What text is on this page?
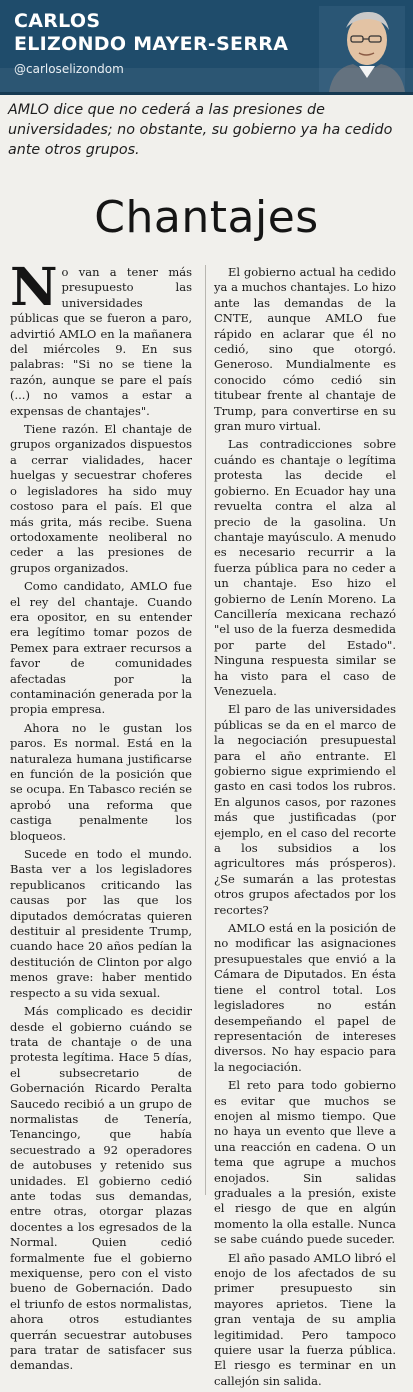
CARLOS
ELIZONDO MAYER-SERRA
@carloselizondom
AMLO dice que no cederá a las presiones de universidades; no obstante, su gobierno ya ha cedido ante otros grupos.
Chantajes

N o van a tener más presupuesto las universidades públicas que se fueron a paro, advirtió AMLO en la mañanera del miércoles 9. En sus palabras: "Si no se tiene la razón, aunque se pare el país (...) no vamos a estar a expensas de chantajes".

Tiene razón. El chantaje de grupos organizados dispuestos a cerrar vialidades, hacer huelgas y secuestrar choferes o legisladores ha sido muy costoso para el país. El que más grita, más recibe. Suena ortodoxamente neoliberal no ceder a las presiones de grupos organizados.

Como candidato, AMLO fue el rey del chantaje. Cuando era opositor, en su entender era legítimo tomar pozos de Pemex para extraer recursos a favor de comunidades afectadas por la contaminación generada por la propia empresa.

Ahora no le gustan los paros. Es normal. Está en la naturaleza humana justificarse en función de la posición que se ocupa. En Tabasco recién se aprobó una reforma que castiga penalmente los bloqueos.

Sucede en todo el mundo. Basta ver a los legisladores republicanos criticando las causas por las que los diputados demócratas quieren destituir al presidente Trump, cuando hace 20 años pedían la destitución de Clinton por algo menos grave: haber mentido respecto a su vida sexual.

Más complicado es decidir desde el gobierno cuándo se trata de chantaje o de una protesta legítima. Hace 5 días, el subsecretario de Gobernación Ricardo Peralta Saucedo recibió a un grupo de normalistas de Tenería, Tenancingo, que había secuestrado a 92 operadores de autobuses y retenido sus unidades. El gobierno cedió ante todas sus demandas, entre otras, otorgar plazas docentes a los egresados de la Normal. Quien cedió formalmente fue el gobierno mexiquense, pero con el visto bueno de Gobernación. Dado el triunfo de estos normalistas, ahora otros estudiantes querrán secuestrar autobuses para tratar de satisfacer sus demandas.

El gobierno actual ha cedido ya a muchos chantajes. Lo hizo ante las demandas de la CNTE, aunque AMLO fue rápido en aclarar que él no cedió, sino que otorgó. Generoso. Mundialmente es conocido cómo cedió sin titubear frente al chantaje de Trump, para convertirse en su gran muro virtual.

Las contradicciones sobre cuándo es chantaje o legítima protesta las decide el gobierno. En Ecuador hay una revuelta contra el alza al precio de la gasolina. Un chantaje mayúsculo. A menudo es necesario recurrir a la fuerza pública para no ceder a un chantaje. Eso hizo el gobierno de Lenín Moreno. La Cancillería mexicana rechazó "el uso de la fuerza desmedida por parte del Estado". Ninguna respuesta similar se ha visto para el caso de Venezuela.

El paro de las universidades públicas se da en el marco de la negociación presupuestal para el año entrante. El gobierno sigue exprimiendo el gasto en casi todos los rubros. En algunos casos, por razones más que justificadas (por ejemplo, en el caso del recorte a los subsidios a los agricultores más prósperos). ¿Se sumarán a las protestas otros grupos afectados por los recortes?

AMLO está en la posición de no modificar las asignaciones presupuestales que envió a la Cámara de Diputados. En ésta tiene el control total. Los legisladores no están desempeñando el papel de representación de intereses diversos. No hay espacio para la negociación.

El reto para todo gobierno es evitar que muchos se enojen al mismo tiempo. Que no haya un evento que lleve a una reacción en cadena. O un tema que agrupe a muchos enojados. Sin salidas graduales a la presión, existe el riesgo de que en algún momento la olla estalle. Nunca se sabe cuándo puede suceder.

El año pasado AMLO libró el enojo de los afectados de su primer presupuesto sin mayores aprietos. Tiene la gran ventaja de su amplia legitimidad. Pero tampoco quiere usar la fuerza pública. El riesgo es terminar en un callejón sin salida.
